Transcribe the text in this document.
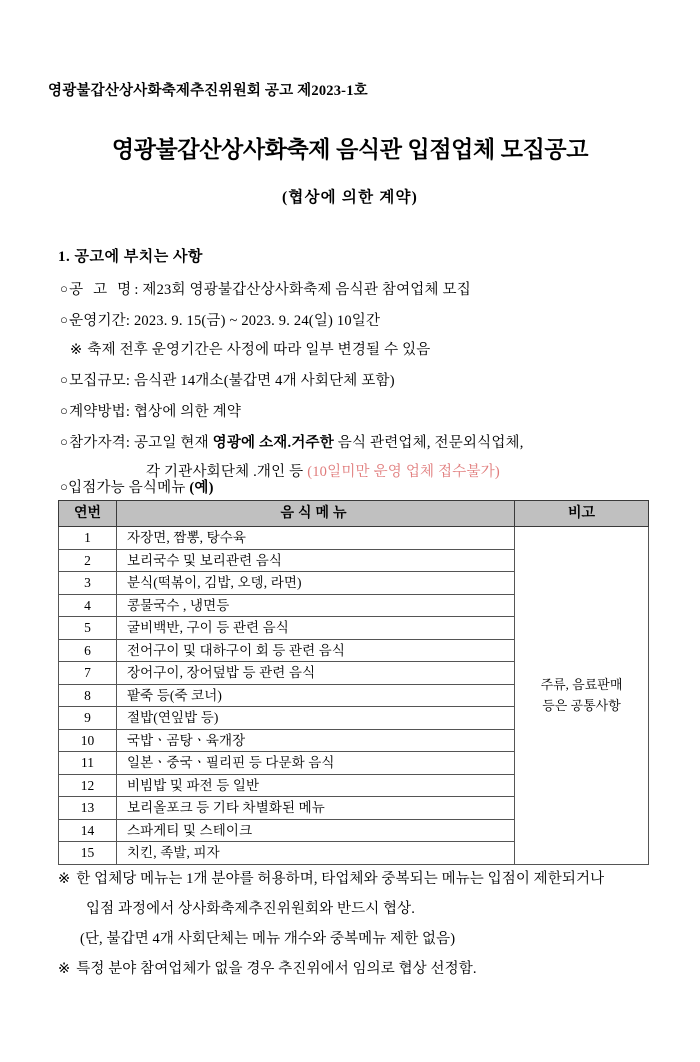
영광불갑산상사화축제추진위원회 공고 제2023-1호
영광불갑산상사화축제 음식관 입점업체 모집공고
(협상에 의한 계약)
1. 공고에 부치는 사항
○공 고 명: 제23회 영광불갑산상사화축제 음식관 참여업체 모집
○운영기간: 2023. 9. 15(금) ~ 2023. 9. 24(일) 10일간
※ 축제 전후 운영기간은 사정에 따라 일부 변경될 수 있음
○모집규모: 음식관 14개소(불갑면 4개 사회단체 포함)
○계약방법: 협상에 의한 계약
○참가자격: 공고일 현재 영광에 소재.거주한 음식 관련업체, 전문외식업체,
각 기관사회단체 .개인 등 (10일미만 운영 업체 접수불가)
○입점가능 음식메뉴 (예)
연번	음식메뉴	비고
1	자장면, 짬뽕, 탕수육	주류, 음료판매
등은 공통사항

2	보리국수 및 보리관련 음식	
3	분식(떡볶이, 김밥, 오뎅, 라면)	
4	콩물국수 , 냉면등	
5	굴비백반, 구이 등 관련 음식	
6	전어구이 및 대하구이 회 등 관련 음식	
7	장어구이, 장어덮밥 등 관련 음식	
8	팥죽 등(죽 코너)	
9	절밥(연잎밥 등)	
10	국밥ㆍ곰탕ㆍ육개장	
11	일본ㆍ중국ㆍ필리핀 등 다문화 음식	
12	비빔밥 및 파전 등 일반	
13	보리올포크 등 기타 차별화된 메뉴	
14	스파게티 및 스테이크	
15	치킨, 족발, 피자	
※ 한 업체당 메뉴는 1개 분야를 허용하며, 타업체와 중복되는 메뉴는 입점이 제한되거나
입점 과정에서 상사화축제추진위원회와 반드시 협상.
(단, 불갑면 4개 사회단체는 메뉴 개수와 중복메뉴 제한 없음)
※ 특정 분야 참여업체가 없을 경우 추진위에서 임의로 협상 선정함.
